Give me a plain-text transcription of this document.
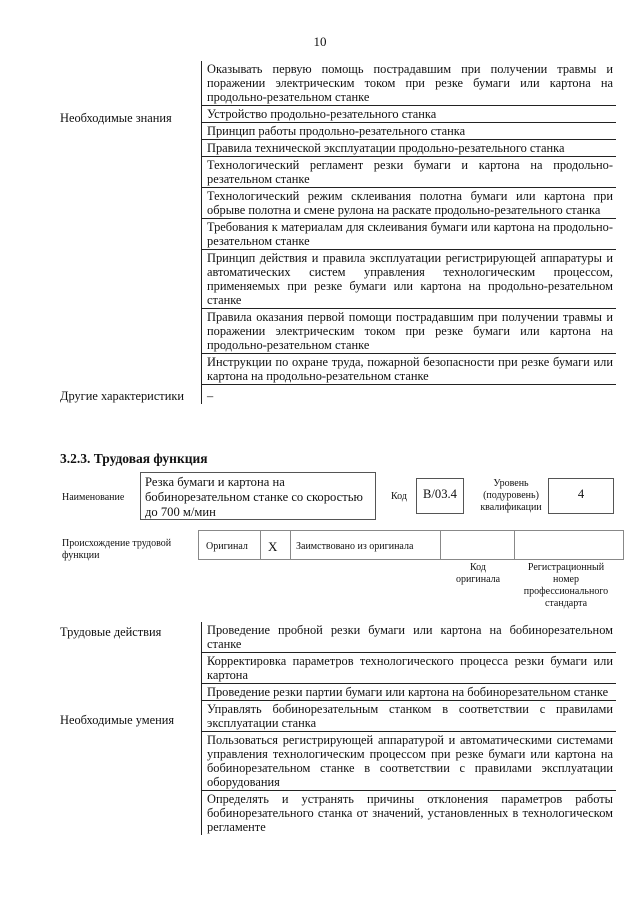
10
Необходимые знания	Оказывать первую помощь пострадавшим при получении травмы и поражении электрическим током при резке бумаги или картона на продольно-резательном станке
	Устройство продольно-резательного станка
	Принцип работы продольно-резательного станка
	Правила технической эксплуатации продольно-резательного станка
	Технологический регламент резки бумаги и картона на продольно-резательном станке
	Технологический режим склеивания полотна бумаги или картона при обрыве полотна и смене рулона на раскате продольно-резательного станка
	Требования к материалам для склеивания бумаги или картона на продольно-резательном станке
	Принцип действия и правила эксплуатации регистрирующей аппаратуры и автоматических систем управления технологическим процессом, применяемых при резке бумаги или картона на продольно-резательном станке
	Правила оказания первой помощи пострадавшим при получении травмы и поражении электрическим током при резке бумаги или картона на продольно-резательном станке
	Инструкции по охране труда, пожарной безопасности при резке бумаги или картона на продольно-резательном станке
Другие характеристики	–
3.2.3. Трудовая функция
Наименование
Резка бумаги и картона на бобинорезательном станке со скоростью до 700 м/мин
Код	В/03.4
Уровень (подуровень) квалификации
4
Происхождение трудовой функции
Оригинал Х Заимствовано из оригинала
Код оригинала
Регистрационный номер профессионального стандарта
Трудовые действия	Проведение пробной резки бумаги или картона на бобинорезательном станке
	Корректировка параметров технологического процесса резки бумаги или картона
	Проведение резки партии бумаги или картона на бобинорезательном станке
Необходимые умения	Управлять бобинорезательным станком в соответствии с правилами эксплуатации станка
	Пользоваться регистрирующей аппаратурой и автоматическими системами управления технологическим процессом при резке бумаги или картона на бобинорезательном станке в соответствии с правилами эксплуатации оборудования
	Определять и устранять причины отклонения параметров работы бобинорезательного станка от значений, установленных в технологическом регламенте
